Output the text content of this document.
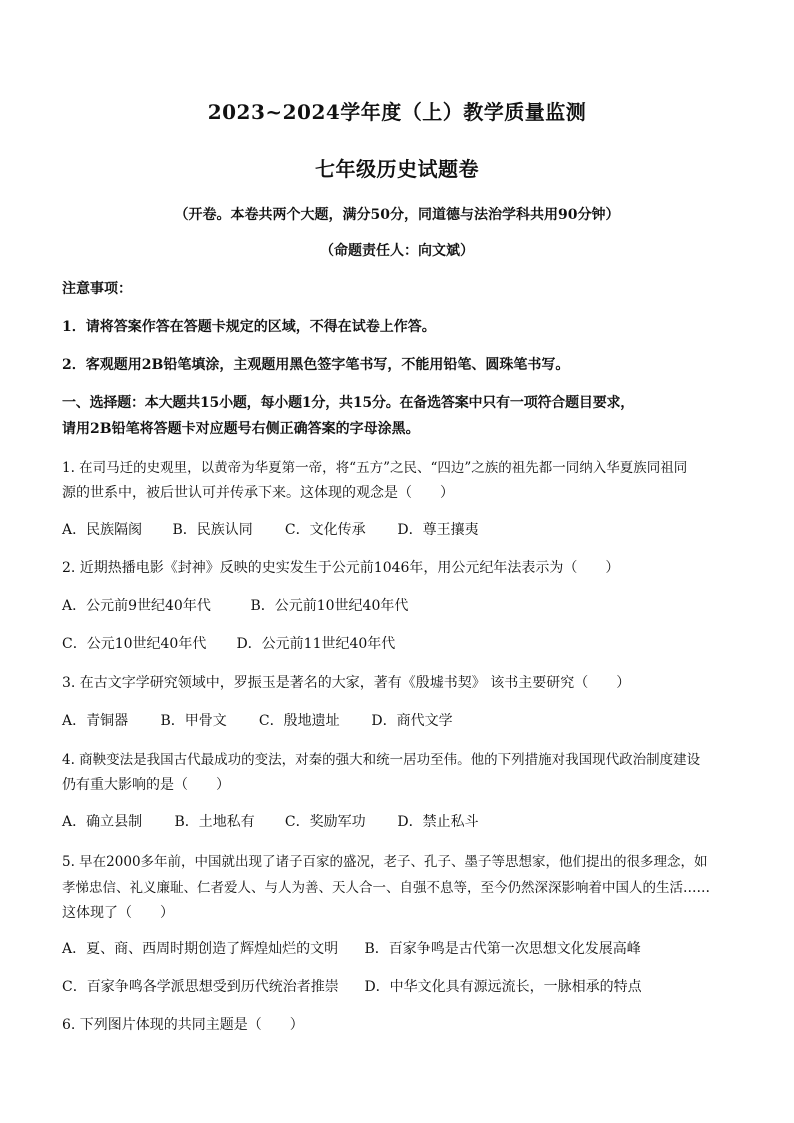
2023~2024学年度（上）教学质量监测
七年级历史试题卷
（开卷。本卷共两个大题，满分50分，同道德与法治学科共用90分钟）
（命题责任人：向文斌）
注意事项：
1．请将答案作答在答题卡规定的区域，不得在试卷上作答。
2．客观题用2B铅笔填涂，主观题用黑色签字笔书写，不能用铅笔、圆珠笔书写。
一、选择题：本大题共15小题，每小题1分，共15分。在备选答案中只有一项符合题目要求，
请用2B铅笔将答题卡对应题号右侧正确答案的字母涂黑。
1. 在司马迁的史观里，以黄帝为华夏第一帝，将“五方”之民、“四边”之族的祖先都一同纳入华夏族同祖同
源的世系中，被后世认可并传承下来。这体现的观念是（　　）
A．民族隔阂 B．民族认同 C．文化传承 D．尊王攘夷
2. 近期热播电影《封神》反映的史实发生于公元前1046年，用公元纪年法表示为（　　）
A．公元前9世纪40年代	B．公元前10世纪40年代
C．公元10世纪40年代 D．公元前11世纪40年代
3. 在古文字学研究领域中，罗振玉是著名的大家，著有《殷墟书契》 该书主要研究（　　）
A．青铜器 B．甲骨文 C．殷地遗址 D．商代文学
4. 商鞅变法是我国古代最成功的变法，对秦的强大和统一居功至伟。他的下列措施对我国现代政治制度建设
仍有重大影响的是（　　）
A．确立县制 B．土地私有 C．奖励军功 D．禁止私斗
5. 早在2000多年前，中国就出现了诸子百家的盛况，老子、孔子、墨子等思想家，他们提出的很多理念，如
孝悌忠信、礼义廉耻、仁者爱人、与人为善、天人合一、自强不息等，至今仍然深深影响着中国人的生活……
这体现了（　　）
A．夏、商、西周时期创造了辉煌灿烂的文明 B．百家争鸣是古代第一次思想文化发展高峰
C．百家争鸣各学派思想受到历代统治者推崇 D．中华文化具有源远流长，一脉相承的特点
6. 下列图片体现的共同主题是（　　）
